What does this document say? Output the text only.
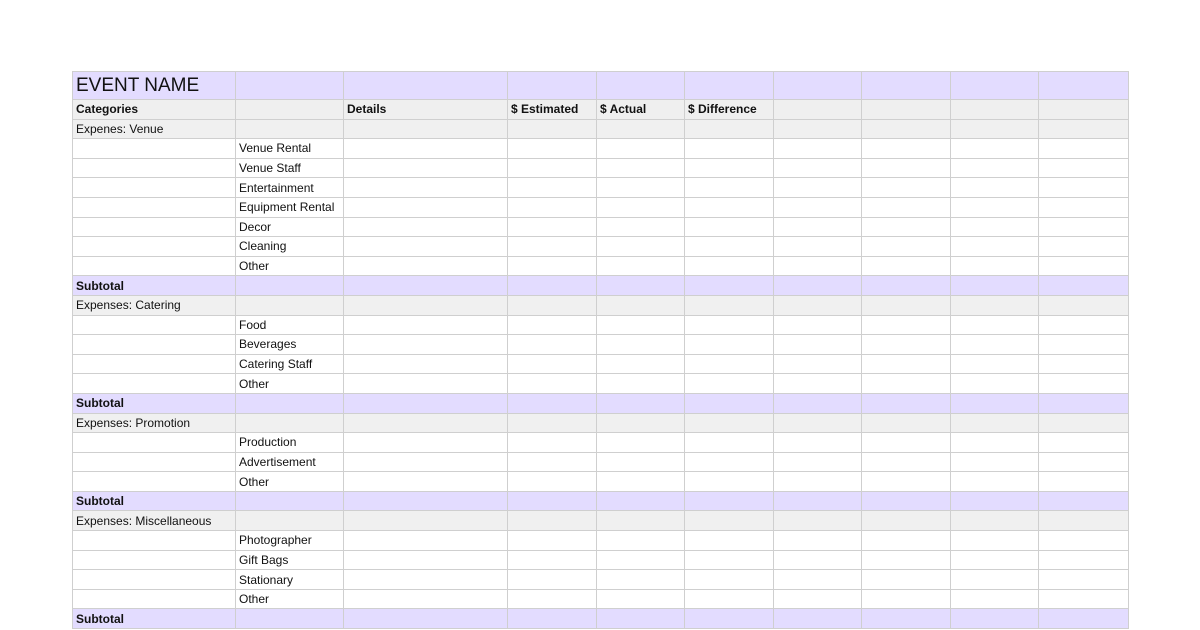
EVENT NAME									
Categories		Details	$ Estimated	$ Actual	$ Difference				
Expenes: Venue									
	Venue Rental								
	Venue Staff								
	Entertainment								
	Equipment Rental								
	Decor								
	Cleaning								
	Other								
Subtotal									
Expenses: Catering									
	Food								
	Beverages								
	Catering Staff								
	Other								
Subtotal									
Expenses: Promotion									
	Production								
	Advertisement								
	Other								
Subtotal									
Expenses: Miscellaneous									
	Photographer								
	Gift Bags								
	Stationary								
	Other								
Subtotal									
